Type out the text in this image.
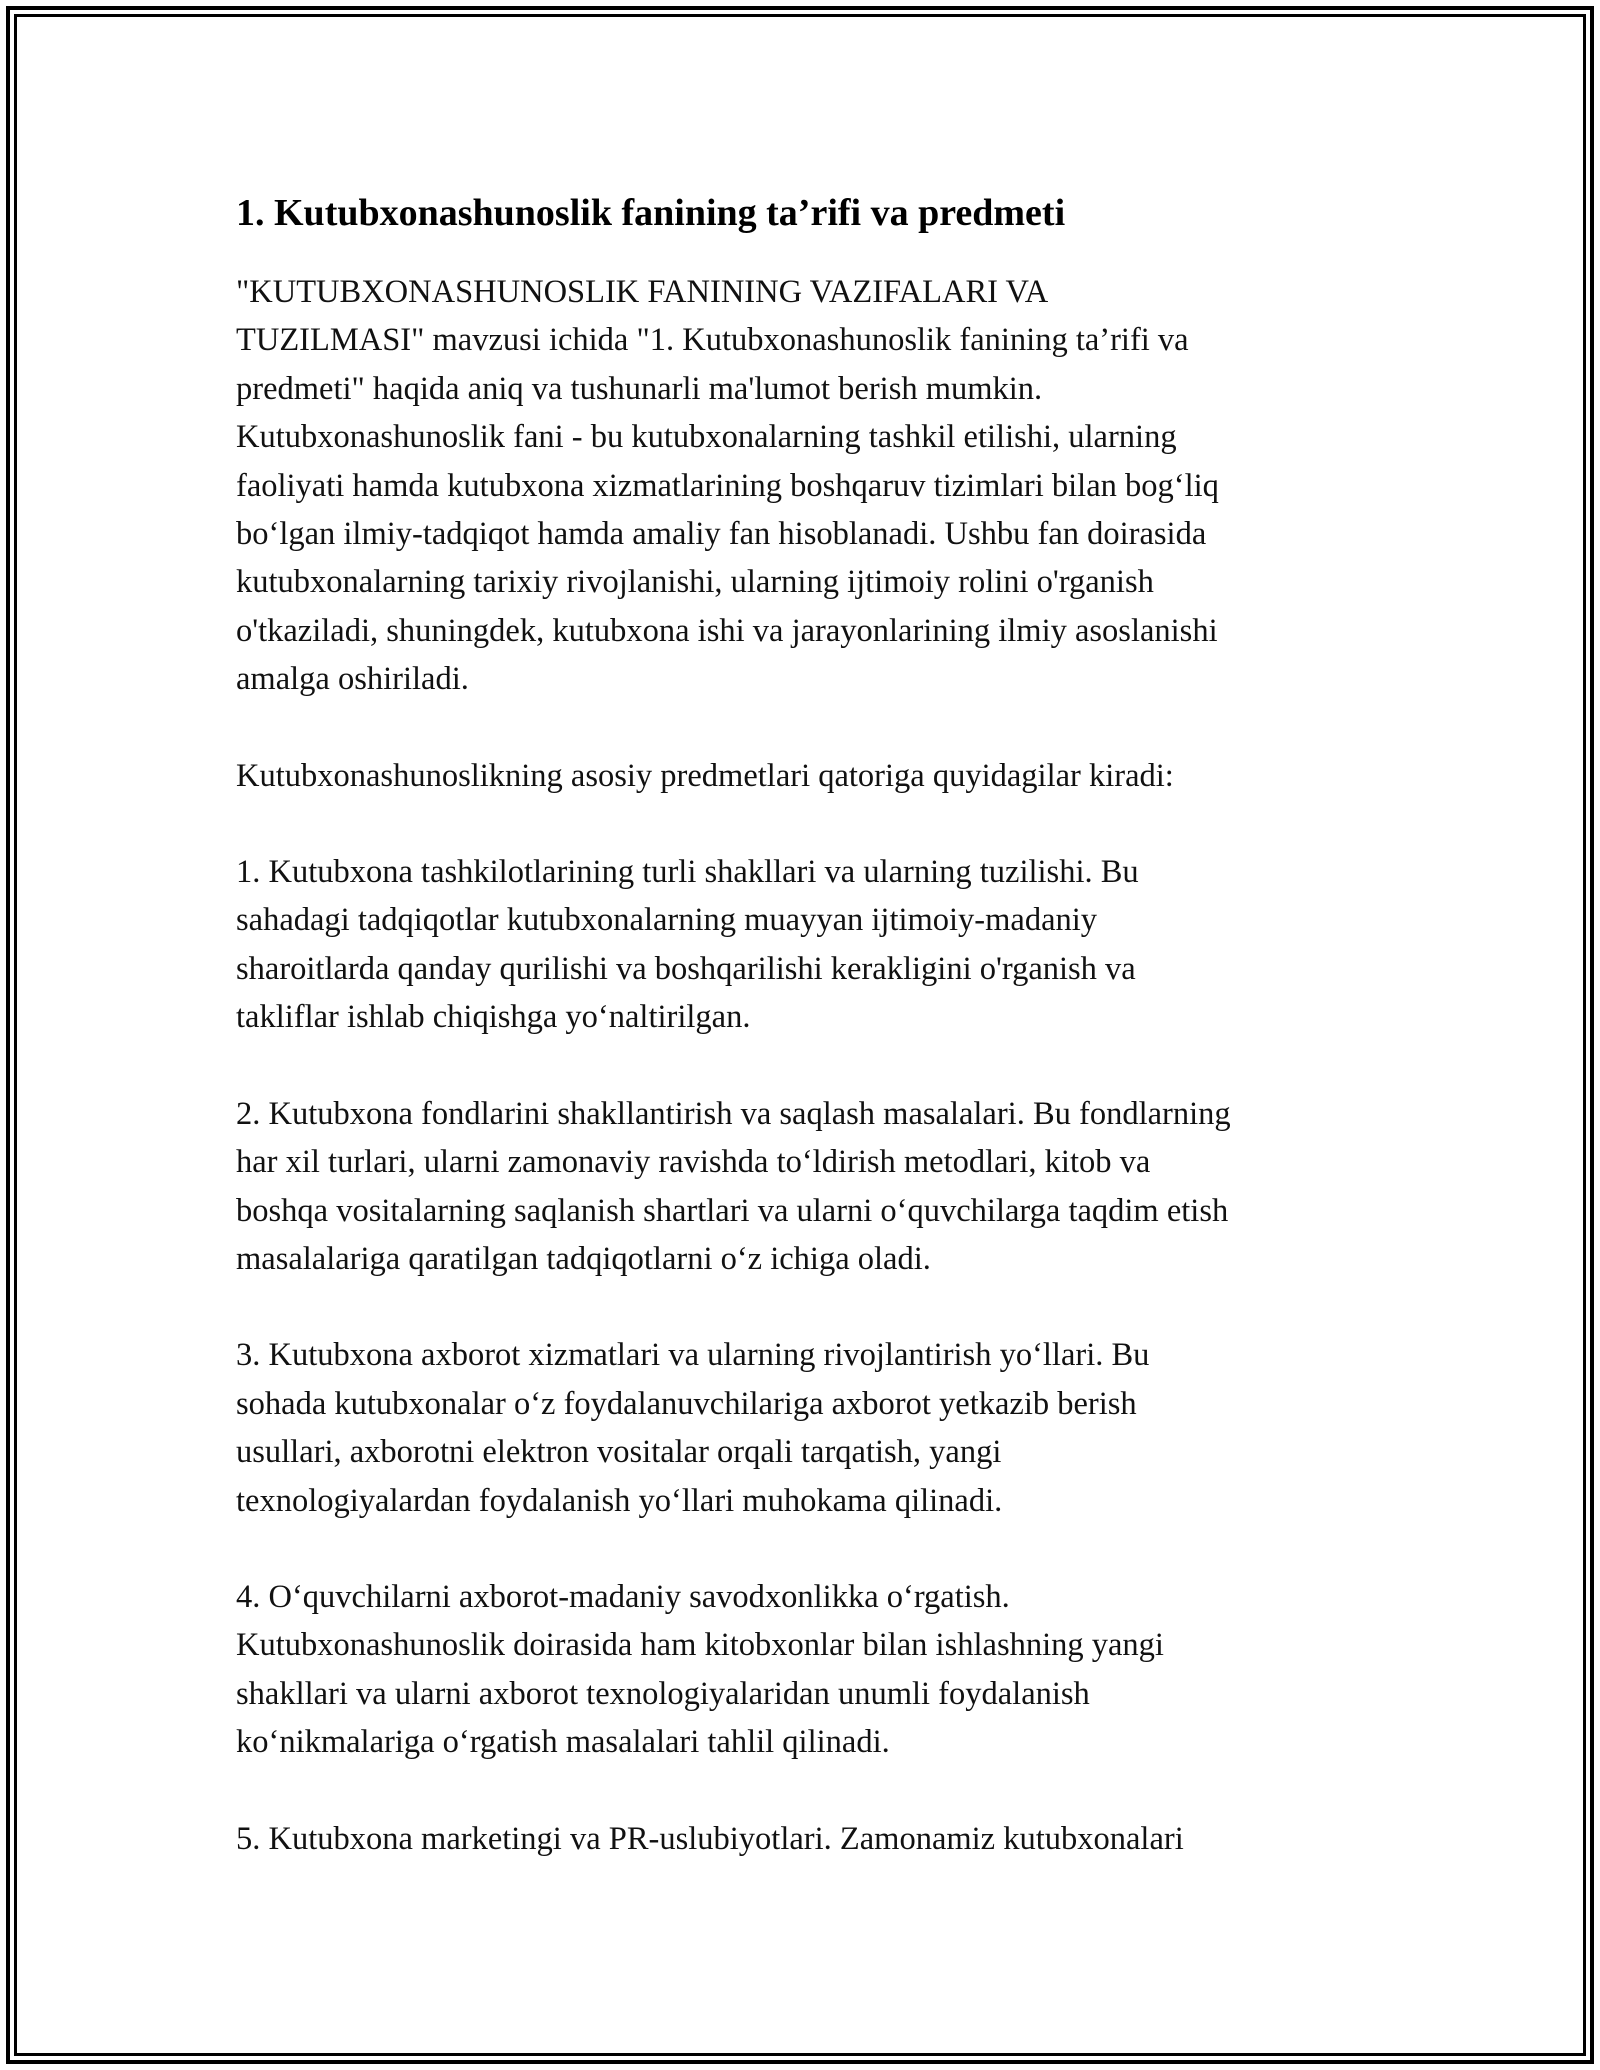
1. Kutubxonashunoslik fanining ta’rifi va predmeti

"KUTUBXONASHUNOSLIK FANINING VAZIFALARI VA
TUZILMASI" mavzusi ichida "1. Kutubxonashunoslik fanining ta’rifi va
predmeti" haqida aniq va tushunarli ma'lumot berish mumkin.
Kutubxonashunoslik fani - bu kutubxonalarning tashkil etilishi, ularning
faoliyati hamda kutubxona xizmatlarining boshqaruv tizimlari bilan bog‘liq
bo‘lgan ilmiy-tadqiqot hamda amaliy fan hisoblanadi. Ushbu fan doirasida
kutubxonalarning tarixiy rivojlanishi, ularning ijtimoiy rolini o'rganish
o'tkaziladi, shuningdek, kutubxona ishi va jarayonlarining ilmiy asoslanishi
amalga oshiriladi.

Kutubxonashunoslikning asosiy predmetlari qatoriga quyidagilar kiradi:

1. Kutubxona tashkilotlarining turli shakllari va ularning tuzilishi. Bu
sahadagi tadqiqotlar kutubxonalarning muayyan ijtimoiy-madaniy
sharoitlarda qanday qurilishi va boshqarilishi kerakligini o'rganish va
takliflar ishlab chiqishga yo‘naltirilgan.

2. Kutubxona fondlarini shakllantirish va saqlash masalalari. Bu fondlarning
har xil turlari, ularni zamonaviy ravishda to‘ldirish metodlari, kitob va
boshqa vositalarning saqlanish shartlari va ularni o‘quvchilarga taqdim etish
masalalariga qaratilgan tadqiqotlarni o‘z ichiga oladi.

3. Kutubxona axborot xizmatlari va ularning rivojlantirish yo‘llari. Bu
sohada kutubxonalar o‘z foydalanuvchilariga axborot yetkazib berish
usullari, axborotni elektron vositalar orqali tarqatish, yangi
texnologiyalardan foydalanish yo‘llari muhokama qilinadi.

4. O‘quvchilarni axborot-madaniy savodxonlikka o‘rgatish.
Kutubxonashunoslik doirasida ham kitobxonlar bilan ishlashning yangi
shakllari va ularni axborot texnologiyalaridan unumli foydalanish
ko‘nikmalariga o‘rgatish masalalari tahlil qilinadi.

5. Kutubxona marketingi va PR-uslubiyotlari. Zamonamiz kutubxonalari
